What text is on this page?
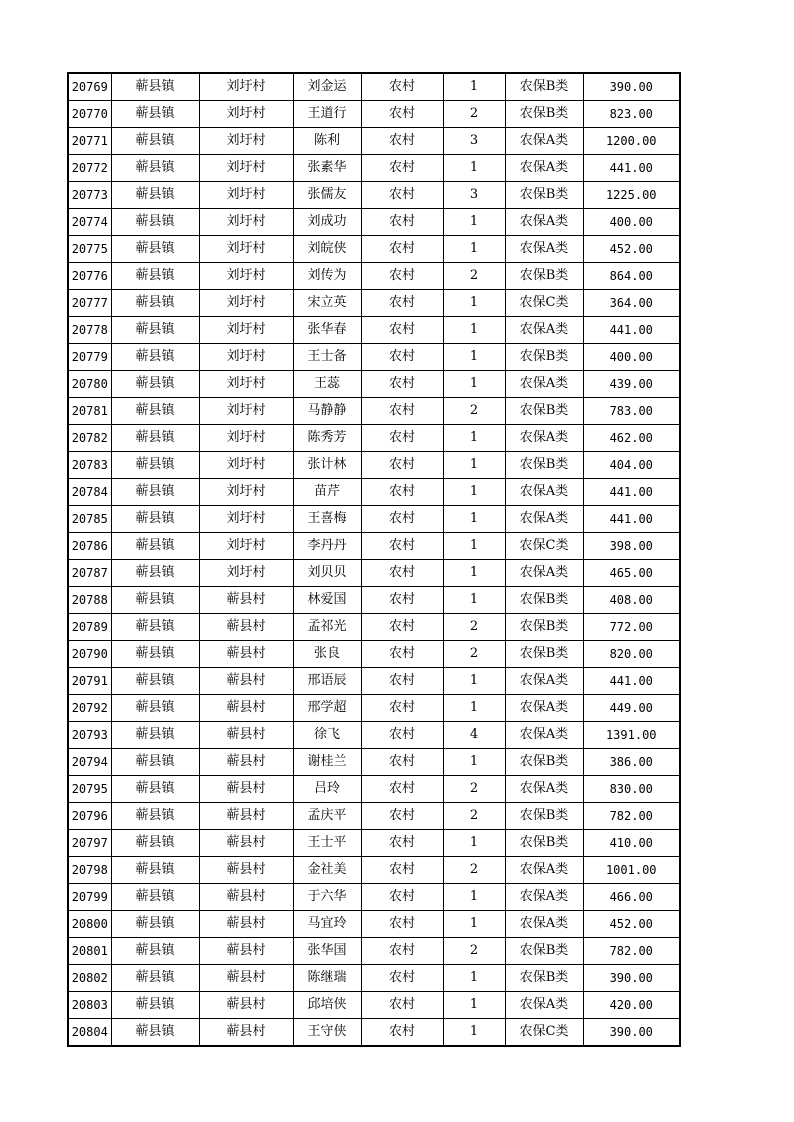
20769	蕲县镇	刘圩村	刘金运	农村	1	农保B类	390.00
20770	蕲县镇	刘圩村	王道行	农村	2	农保B类	823.00
20771	蕲县镇	刘圩村	陈利	农村	3	农保A类	1200.00
20772	蕲县镇	刘圩村	张素华	农村	1	农保A类	441.00
20773	蕲县镇	刘圩村	张儒友	农村	3	农保B类	1225.00
20774	蕲县镇	刘圩村	刘成功	农村	1	农保A类	400.00
20775	蕲县镇	刘圩村	刘皖侠	农村	1	农保A类	452.00
20776	蕲县镇	刘圩村	刘传为	农村	2	农保B类	864.00
20777	蕲县镇	刘圩村	宋立英	农村	1	农保C类	364.00
20778	蕲县镇	刘圩村	张华春	农村	1	农保A类	441.00
20779	蕲县镇	刘圩村	王士备	农村	1	农保B类	400.00
20780	蕲县镇	刘圩村	王蕊	农村	1	农保A类	439.00
20781	蕲县镇	刘圩村	马静静	农村	2	农保B类	783.00
20782	蕲县镇	刘圩村	陈秀芳	农村	1	农保A类	462.00
20783	蕲县镇	刘圩村	张计林	农村	1	农保B类	404.00
20784	蕲县镇	刘圩村	苗芹	农村	1	农保A类	441.00
20785	蕲县镇	刘圩村	王喜梅	农村	1	农保A类	441.00
20786	蕲县镇	刘圩村	李丹丹	农村	1	农保C类	398.00
20787	蕲县镇	刘圩村	刘贝贝	农村	1	农保A类	465.00
20788	蕲县镇	蕲县村	林爱国	农村	1	农保B类	408.00
20789	蕲县镇	蕲县村	孟祁光	农村	2	农保B类	772.00
20790	蕲县镇	蕲县村	张良	农村	2	农保B类	820.00
20791	蕲县镇	蕲县村	邢语辰	农村	1	农保A类	441.00
20792	蕲县镇	蕲县村	邢学超	农村	1	农保A类	449.00
20793	蕲县镇	蕲县村	徐飞	农村	4	农保A类	1391.00
20794	蕲县镇	蕲县村	谢桂兰	农村	1	农保B类	386.00
20795	蕲县镇	蕲县村	吕玲	农村	2	农保A类	830.00
20796	蕲县镇	蕲县村	孟庆平	农村	2	农保B类	782.00
20797	蕲县镇	蕲县村	王士平	农村	1	农保B类	410.00
20798	蕲县镇	蕲县村	金社美	农村	2	农保A类	1001.00
20799	蕲县镇	蕲县村	于六华	农村	1	农保A类	466.00
20800	蕲县镇	蕲县村	马宜玲	农村	1	农保A类	452.00
20801	蕲县镇	蕲县村	张华国	农村	2	农保B类	782.00
20802	蕲县镇	蕲县村	陈继瑞	农村	1	农保B类	390.00
20803	蕲县镇	蕲县村	邱培侠	农村	1	农保A类	420.00
20804	蕲县镇	蕲县村	王守侠	农村	1	农保C类	390.00
